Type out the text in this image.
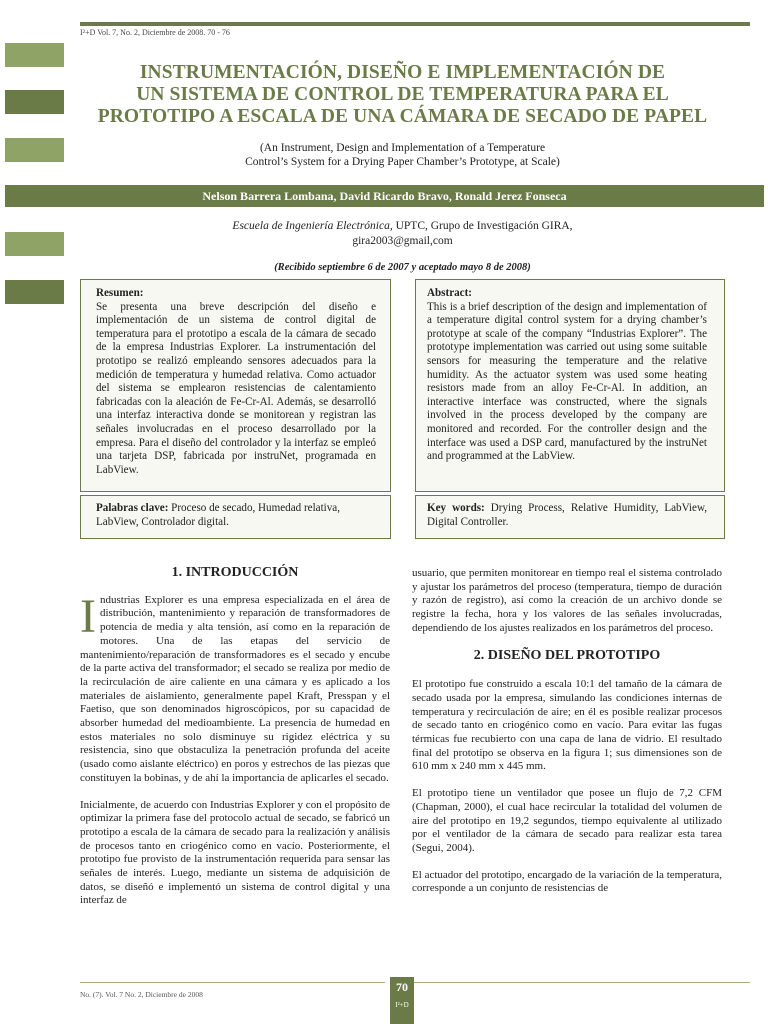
I²+D Vol. 7, No. 2, Diciembre de 2008. 70 - 76
INSTRUMENTACIÓN, DISEÑO E IMPLEMENTACIÓN DE
UN SISTEMA DE CONTROL DE TEMPERATURA PARA EL
PROTOTIPO A ESCALA DE UNA CÁMARA DE SECADO DE PAPEL
(An Instrument, Design and Implementation of a Temperature
Control’s System for a Drying Paper Chamber’s Prototype, at Scale)
Nelson Barrera Lombana, David Ricardo Bravo, Ronald Jerez Fonseca
Escuela de Ingeniería Electrónica, UPTC, Grupo de Investigación GIRA,
gira2003@gmail,com
(Recibido septiembre 6 de 2007 y aceptado mayo 8 de 2008)
Resumen:
Se presenta una breve descripción del diseño e implementación de un sistema de control digital de temperatura para el prototipo a escala de la cámara de secado de la empresa Industrias Explorer. La instrumentación del prototipo se realizó empleando sensores adecuados para la medición de temperatura y humedad relativa. Como actuador del sistema se emplearon resistencias de calentamiento fabricadas con la aleación de Fe-Cr-Al. Además, se desarrolló una interfaz interactiva donde se monitorean y registran las señales involucradas en el proceso desarrollado por la empresa. Para el diseño del controlador y la interfaz se empleó una tarjeta DSP, fabricada por instruNet, programada en LabView.
Abstract:
This is a brief description of the design and implementation of a temperature digital control system for a drying chamber’s prototype at scale of the company “Industrias Explorer”. The prototype implementation was carried out using some suitable sensors for measuring the temperature and the relative humidity. As the actuator system was used some heating resistors made from an alloy Fe-Cr-Al. In addition, an interactive interface was constructed, where the signals involved in the process developed by the company are monitored and recorded. For the controller design and the interface was used a DSP card, manufactured by the instruNet and programmed at the LabView.
Palabras clave: Proceso de secado, Humedad relativa, LabView, Controlador digital.
Key words: Drying Process, Relative Humidity, LabView, Digital Controller.
1. INTRODUCCIÓN

Industrias Explorer es una empresa especializada en el área de distribución, mantenimiento y reparación de transformadores de potencia de media y alta tensión, así como en la reparación de motores. Una de las etapas del servicio de mantenimiento/reparación de transformadores es el secado y encube de la parte activa del transformador; el secado se realiza por medio de la recirculación de aire caliente en una cámara y es aplicado a los materiales de aislamiento, generalmente papel Kraft, Presspan y el Faetiso, que son denominados higroscópicos, por su capacidad de absorber humedad del medioambiente. La presencia de humedad en estos materiales no solo disminuye su rigidez eléctrica y su resistencia, sino que obstaculiza la penetración profunda del aceite (usado como aislante eléctrico) en poros y estrechos de las piezas que constituyen la bobinas, y de ahí la importancia de aplicarles el secado.

Inicialmente, de acuerdo con Industrias Explorer y con el propósito de optimizar la primera fase del protocolo actual de secado, se fabricó un prototipo a escala de la cámara de secado para la realización y análisis de procesos tanto en criogénico como en vacío. Posteriormente, el prototipo fue provisto de la instrumentación requerida para sensar las señales de interés. Luego, mediante un sistema de adquisición de datos, se diseñó e implementó un sistema de control digital y una interfaz de

usuario, que permiten monitorear en tiempo real el sistema controlado y ajustar los parámetros del proceso (temperatura, tiempo de duración y razón de registro), así como la creación de un archivo donde se registre la fecha, hora y los valores de las señales involucradas, dependiendo de los ajustes realizados en los parámetros del proceso.

2. DISEÑO DEL PROTOTIPO

El prototipo fue construido a escala 10:1 del tamaño de la cámara de secado usada por la empresa, simulando las condiciones internas de temperatura y recirculación de aire; en él es posible realizar procesos de secado tanto en criogénico como en vacío. Para evitar las fugas térmicas fue recubierto con una capa de lana de vidrio. El resultado final del prototipo se observa en la figura 1; sus dimensiones son de 610 mm x 240 mm x 445 mm.

El prototipo tiene un ventilador que posee un flujo de 7,2 CFM (Chapman, 2000), el cual hace recircular la totalidad del volumen de aire del prototipo en 19,2 segundos, tiempo equivalente al utilizado por el ventilador de la cámara de secado para realizar esta tarea (Segui, 2004).

El actuador del prototipo, encargado de la variación de la temperatura, corresponde a un conjunto de resistencias de

No. (7). Vol. 7 No. 2, Diciembre de 2008
70
I²+D
